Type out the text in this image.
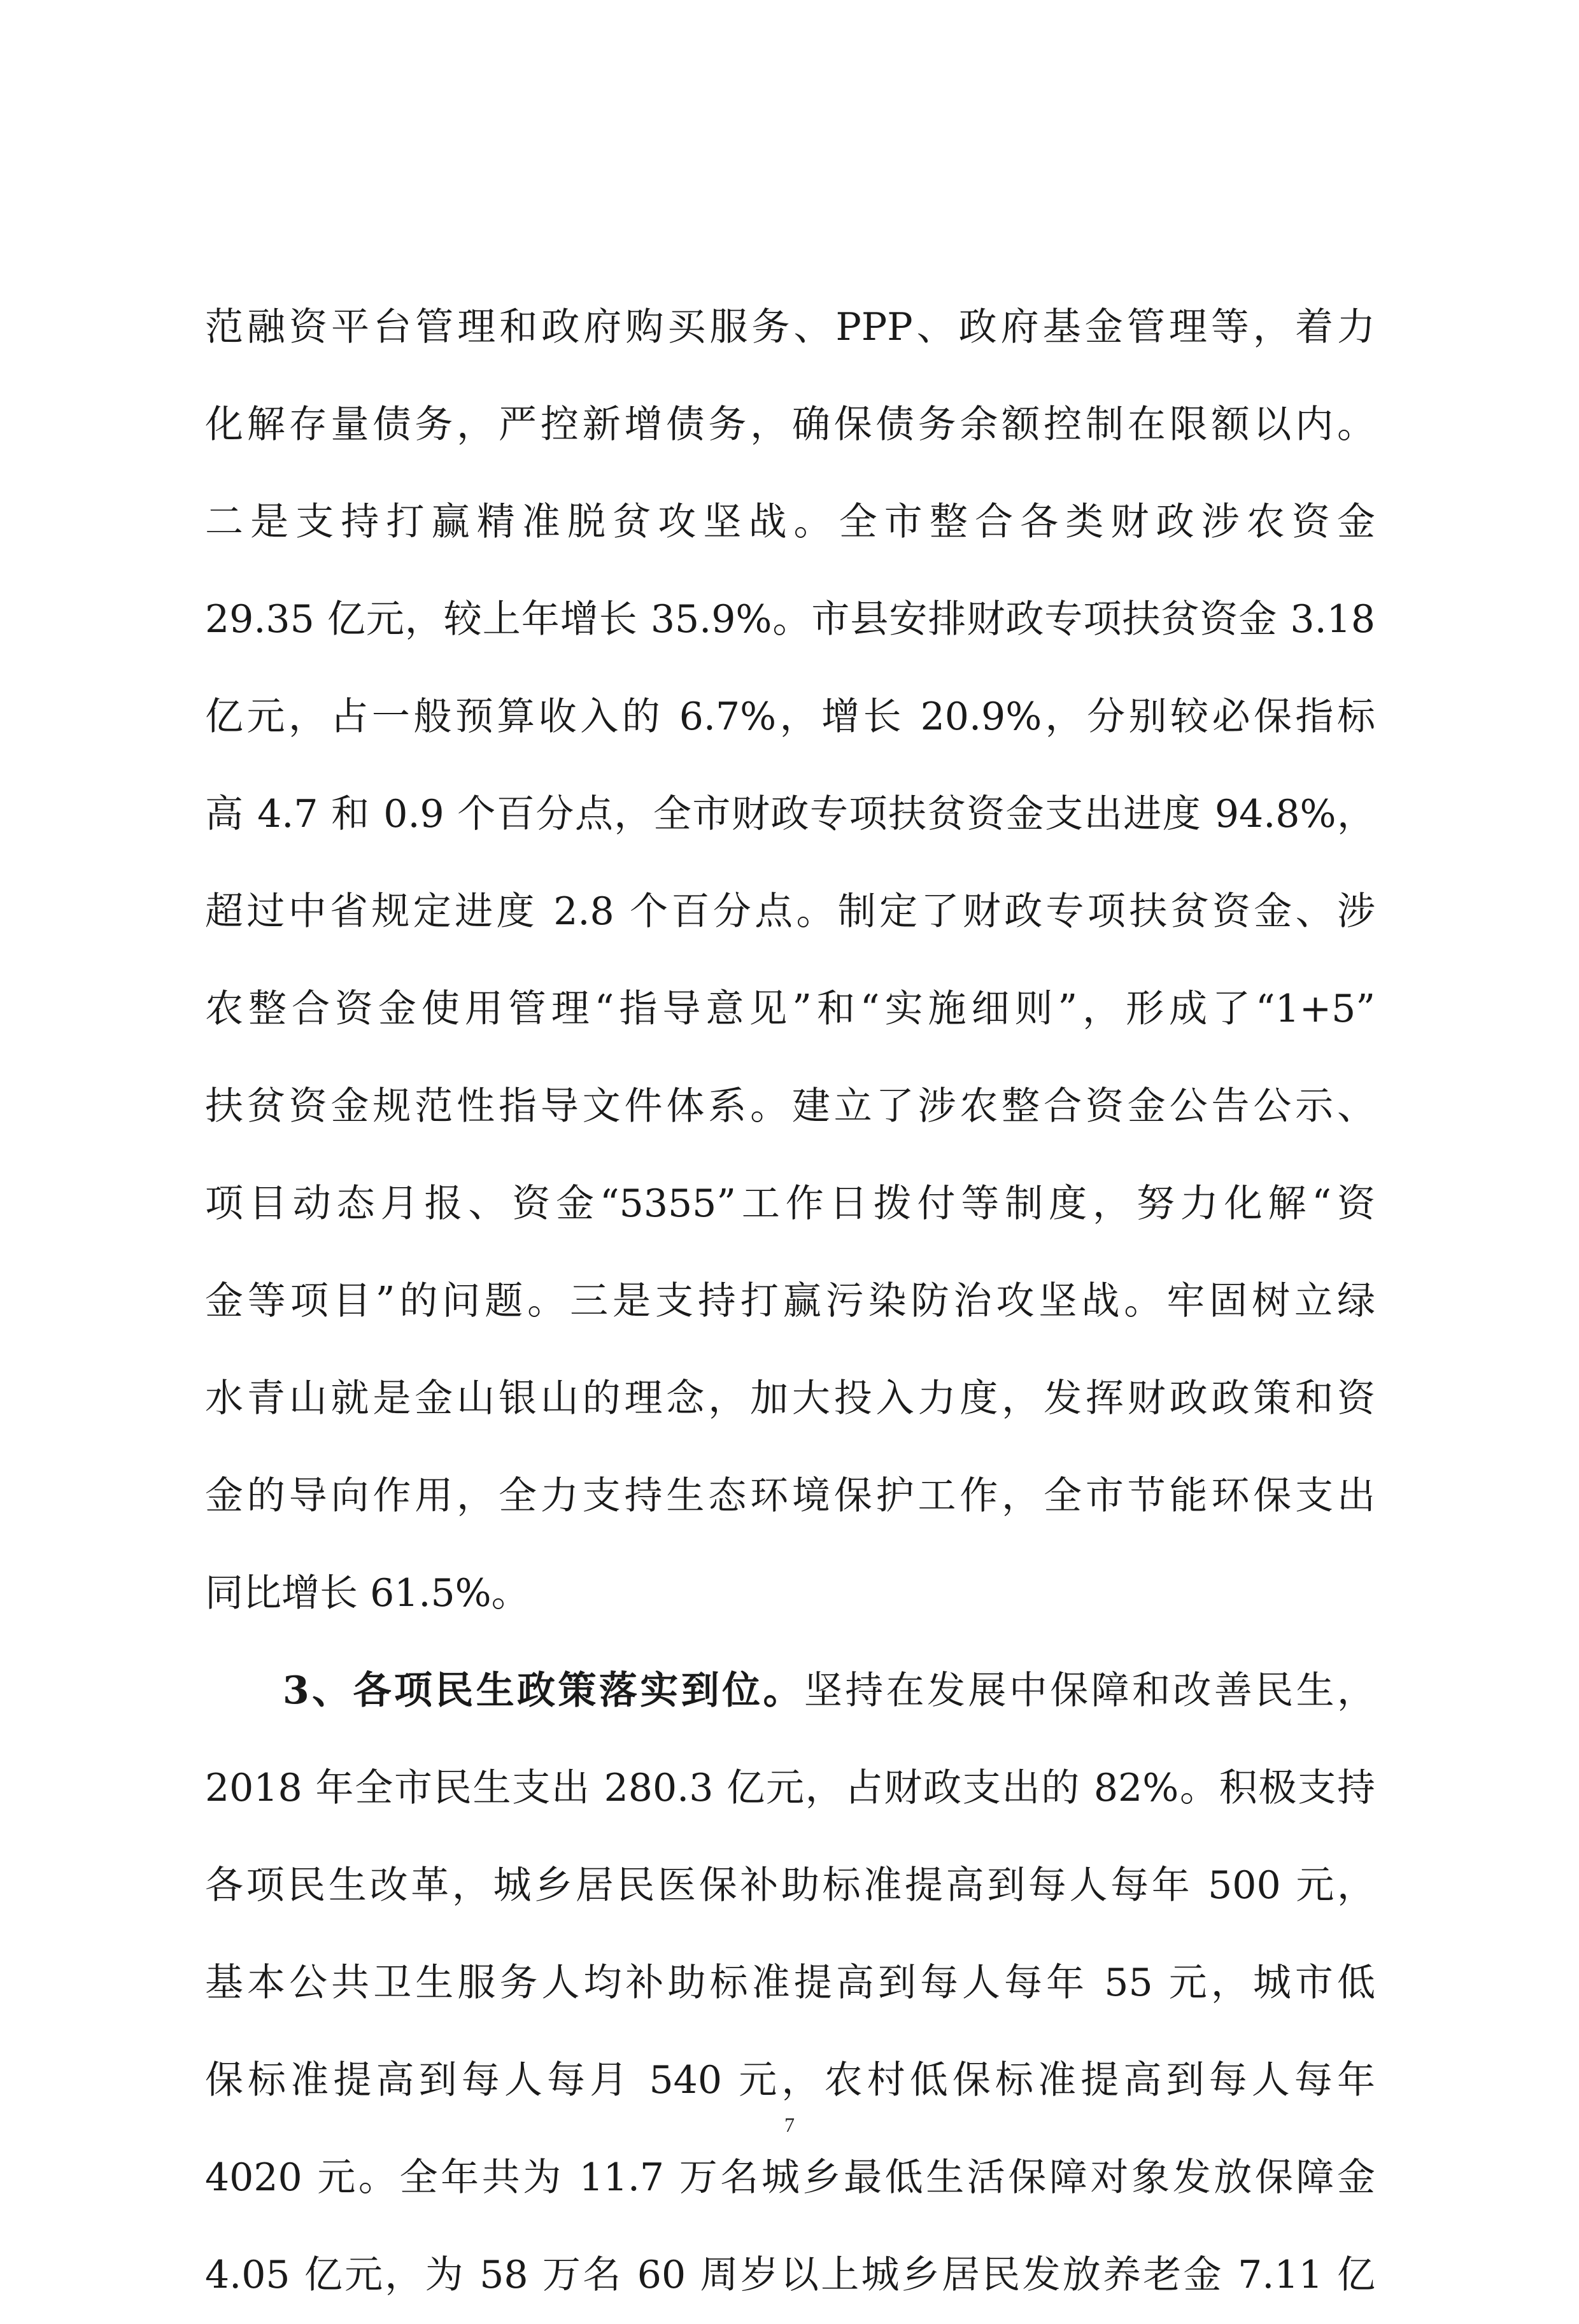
范融资平台管理和政府购买服务、PPP、政府基金管理等，着力
化解存量债务，严控新增债务，确保债务余额控制在限额以内。
二是支持打赢精准脱贫攻坚战。全市整合各类财政涉农资金
29.35 亿元，较上年增长 35.9%。市县安排财政专项扶贫资金 3.18
亿元，占一般预算收入的 6.7%，增长 20.9%，分别较必保指标
高 4.7 和 0.9 个百分点，全市财政专项扶贫资金支出进度 94.8%，
超过中省规定进度 2.8 个百分点。制定了财政专项扶贫资金、涉
农整合资金使用管理“指导意见”和“实施细则”，形成了“1+5”
扶贫资金规范性指导文件体系。建立了涉农整合资金公告公示、
项目动态月报、资金“5355”工作日拨付等制度，努力化解“资
金等项目”的问题。三是支持打赢污染防治攻坚战。牢固树立绿
水青山就是金山银山的理念，加大投入力度，发挥财政政策和资
金的导向作用，全力支持生态环境保护工作，全市节能环保支出
同比增长 61.5%。
3、各项民生政策落实到位。坚持在发展中保障和改善民生，
2018 年全市民生支出 280.3 亿元，占财政支出的 82%。积极支持
各项民生改革，城乡居民医保补助标准提高到每人每年 500 元，
基本公共卫生服务人均补助标准提高到每人每年 55 元，城市低
保标准提高到每人每月 540 元，农村低保标准提高到每人每年
4020 元。全年共为 11.7 万名城乡最低生活保障对象发放保障金
4.05 亿元，为 58 万名 60 周岁以上城乡居民发放养老金 7.11 亿
7
